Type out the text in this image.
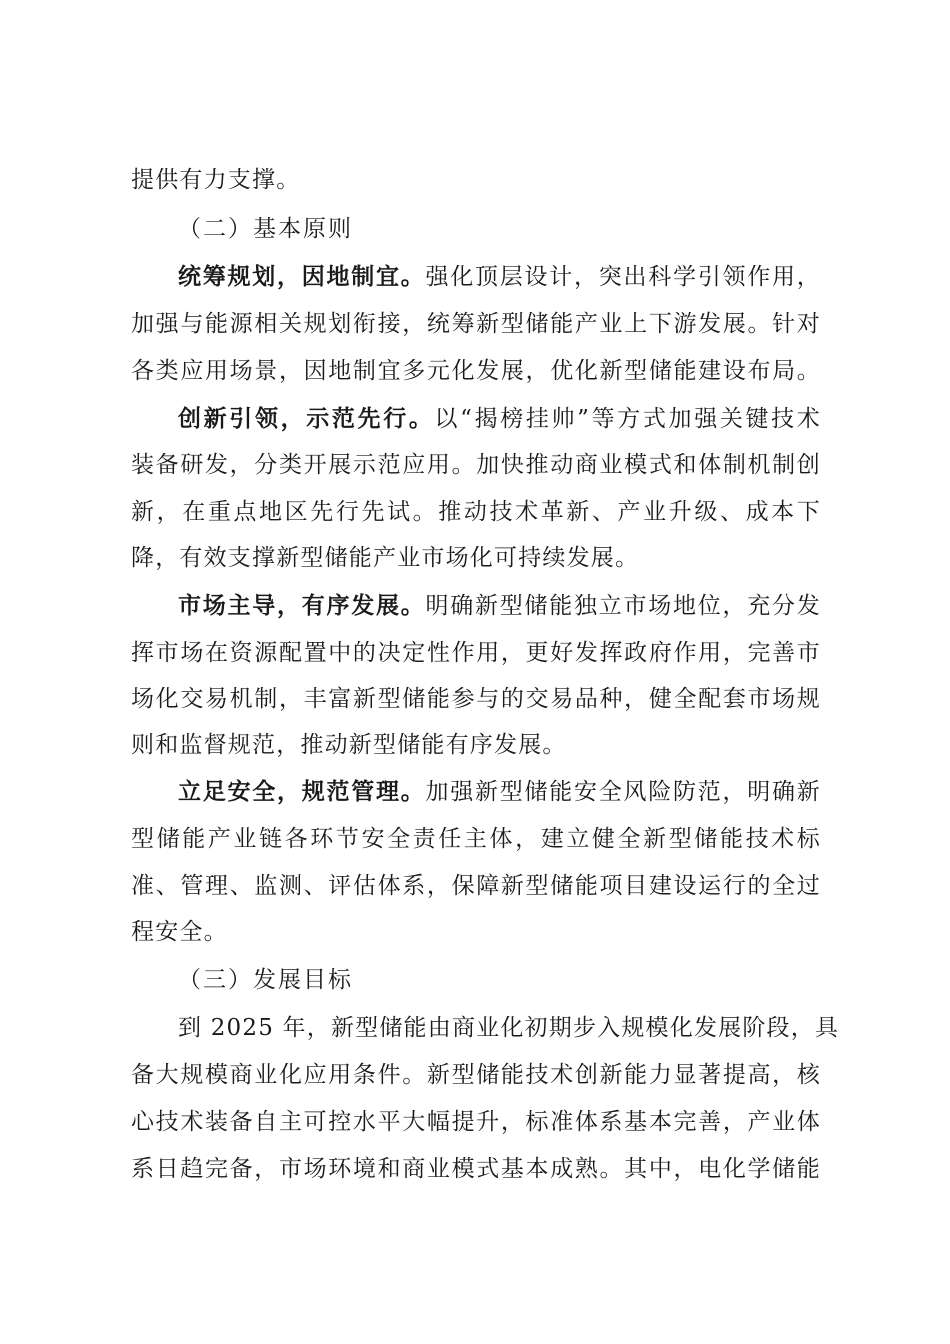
提供有力支撑。
（二）基本原则
统筹规划，因地制宜。强化顶层设计，突出科学引领作用，
加强与能源相关规划衔接，统筹新型储能产业上下游发展。针对
各类应用场景，因地制宜多元化发展，优化新型储能建设布局。
创新引领，示范先行。以“揭榜挂帅”等方式加强关键技术
装备研发，分类开展示范应用。加快推动商业模式和体制机制创
新，在重点地区先行先试。推动技术革新、产业升级、成本下
降，有效支撑新型储能产业市场化可持续发展。
市场主导，有序发展。明确新型储能独立市场地位，充分发
挥市场在资源配置中的决定性作用，更好发挥政府作用，完善市
场化交易机制，丰富新型储能参与的交易品种，健全配套市场规
则和监督规范，推动新型储能有序发展。
立足安全，规范管理。加强新型储能安全风险防范，明确新
型储能产业链各环节安全责任主体，建立健全新型储能技术标
准、管理、监测、评估体系，保障新型储能项目建设运行的全过
程安全。
（三）发展目标
到 2025 年，新型储能由商业化初期步入规模化发展阶段，具
备大规模商业化应用条件。新型储能技术创新能力显著提高，核
心技术装备自主可控水平大幅提升，标准体系基本完善，产业体
系日趋完备，市场环境和商业模式基本成熟。其中，电化学储能
